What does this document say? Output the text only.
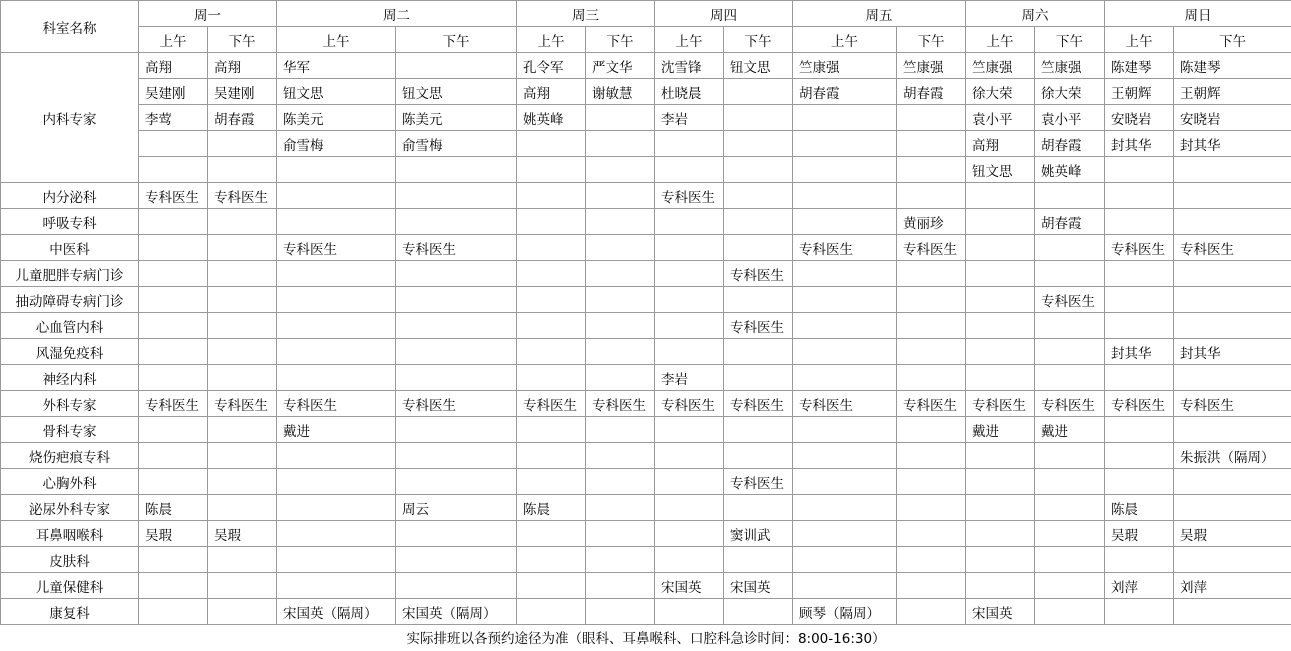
科室名称	周一		周二		周三		周四		周五		周六		周日	
	上午	下午	上午	下午	上午	下午	上午	下午	上午	下午	上午	下午	上午	下午
内科专家	高翔	高翔	华军		孔令军	严文华	沈雪锋	钮文思	竺康强	竺康强	竺康强	竺康强	陈建琴	陈建琴
	吴建刚	吴建刚	钮文思	钮文思	高翔	谢敏慧	杜晓晨		胡春霞	胡春霞	徐大荣	徐大荣	王朝辉	王朝辉
	李莺	胡春霞	陈美元	陈美元	姚英峰		李岩				袁小平	袁小平	安晓岩	安晓岩
			俞雪梅	俞雪梅							高翔	胡春霞	封其华	封其华
											钮文思	姚英峰		
内分泌科	专科医生	专科医生					专科医生							
呼吸专科										黄丽珍		胡春霞		
中医科			专科医生	专科医生					专科医生	专科医生			专科医生	专科医生
儿童肥胖专病门诊								专科医生						
抽动障碍专病门诊												专科医生		
心血管内科								专科医生						
风湿免疫科													封其华	封其华
神经内科							李岩							
外科专家	专科医生	专科医生	专科医生	专科医生	专科医生	专科医生	专科医生	专科医生	专科医生	专科医生	专科医生	专科医生	专科医生	专科医生
骨科专家			戴进								戴进	戴进		
烧伤疤痕专科														朱振洪（隔周）
心胸外科								专科医生						
泌尿外科专家	陈晨			周云	陈晨								陈晨	
耳鼻咽喉科	吴瑕	吴瑕						窦训武					吴瑕	吴瑕
皮肤科														
儿童保健科							宋国英	宋国英					刘萍	刘萍
康复科			宋国英（隔周）	宋国英（隔周）					顾琴（隔周）		宋国英			
实际排班以各预约途径为准（眼科、耳鼻喉科、口腔科急诊时间：8:00-16:30）														
